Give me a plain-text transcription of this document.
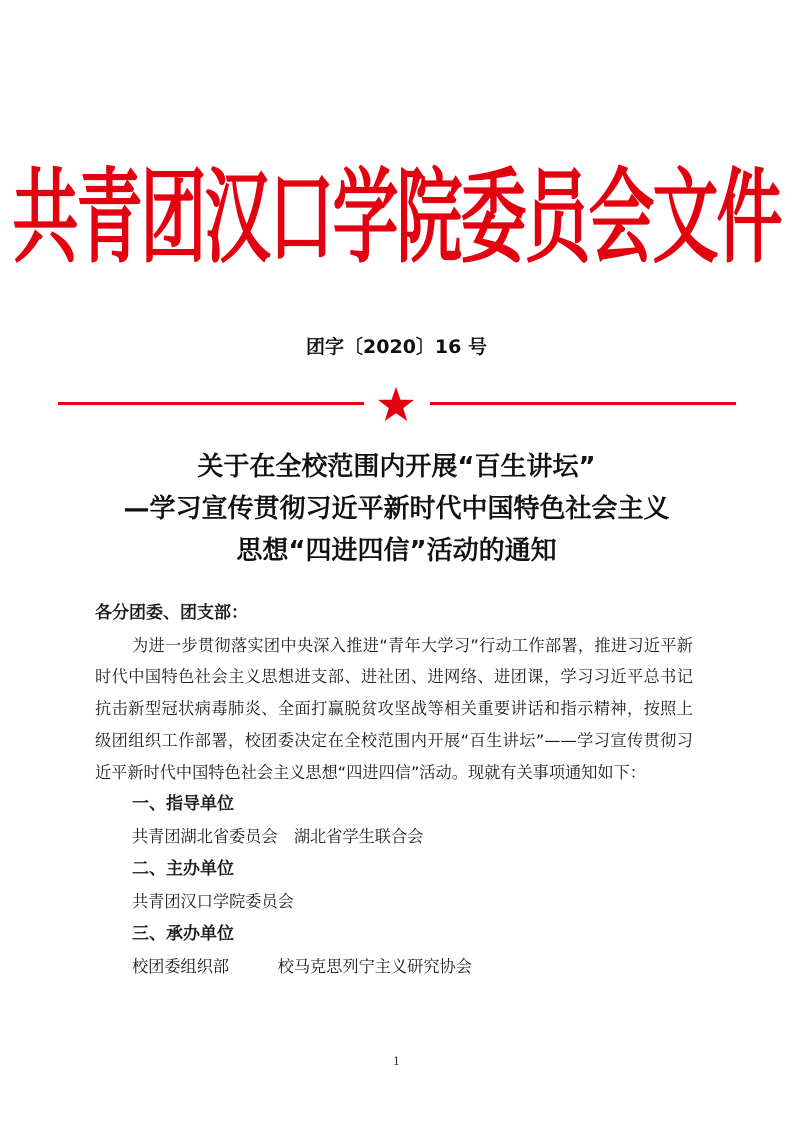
共青团汉口学院委员会文件
团字〔2020〕16 号
关于在全校范围内开展“百生讲坛”
—学习宣传贯彻习近平新时代中国特色社会主义
思想“四进四信”活动的通知
各分团委、团支部：
为进一步贯彻落实团中央深入推进“青年大学习”行动工作部署，推进习近平新时代中国特色社会主义思想进支部、进社团、进网络、进团课，学习习近平总书记抗击新型冠状病毒肺炎、全面打赢脱贫攻坚战等相关重要讲话和指示精神，按照上级团组织工作部署，校团委决定在全校范围内开展“百生讲坛”——学习宣传贯彻习近平新时代中国特色社会主义思想“四进四信”活动。现就有关事项通知如下：
一、指导单位
共青团湖北省委员会　湖北省学生联合会
二、主办单位
共青团汉口学院委员会
三、承办单位
校团委组织部　　　校马克思列宁主义研究协会
1
